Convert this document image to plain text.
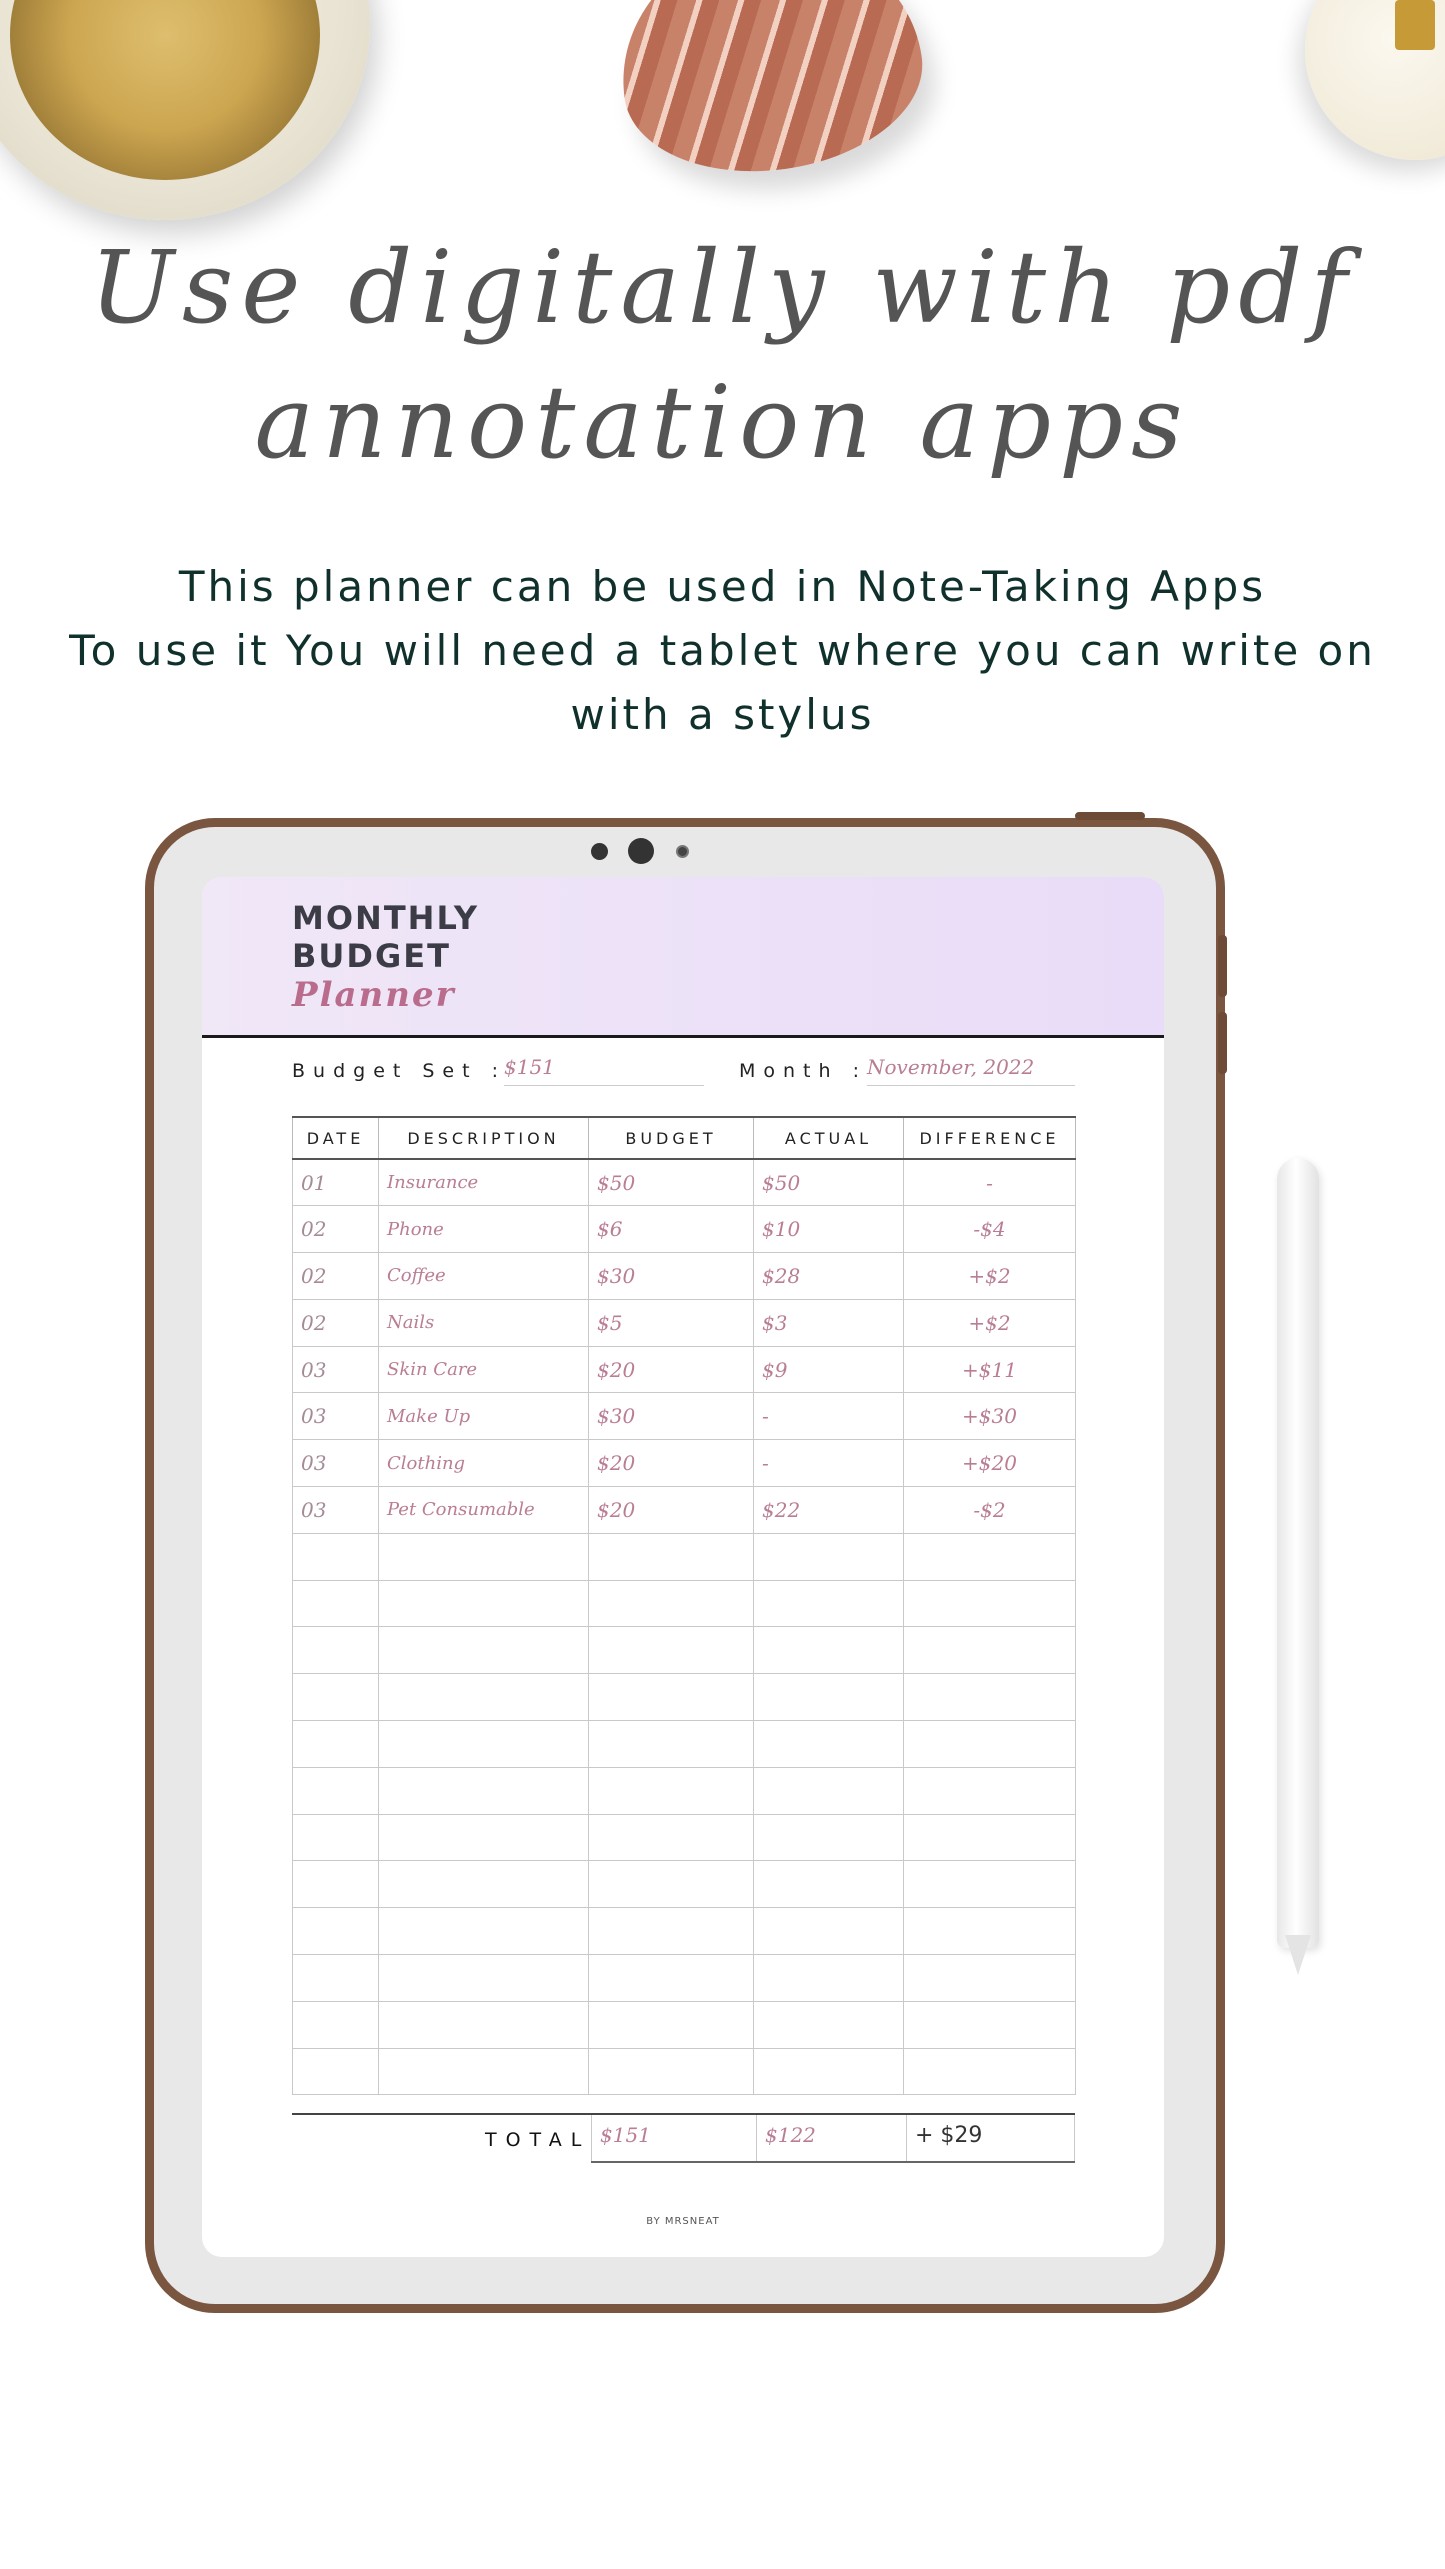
Use digitally with pdf
annotation apps
This planner can be used in Note-Taking Apps
To use it You will need a tablet where you can write on
with a stylus
MONTHLY
BUDGET
Planner
Budget Set :
$151	Month : November, 2022
DATE	DESCRIPTION	BUDGET	ACTUAL	DIFFERENCE
01	Insurance	$50	$50	-
02	Phone	$6	$10	-$4
02	Coffee	$30	$28	+$2
02	Nails	$5	$3	+$2
03	Skin Care	$20	$9	+$11
03	Make Up	$30	-	+$30
03	Clothing	$20	-	+$20
03	Pet Consumable	$20	$22	-$2

TOTAL $151	$122	+ $29
BY MRSNEAT
